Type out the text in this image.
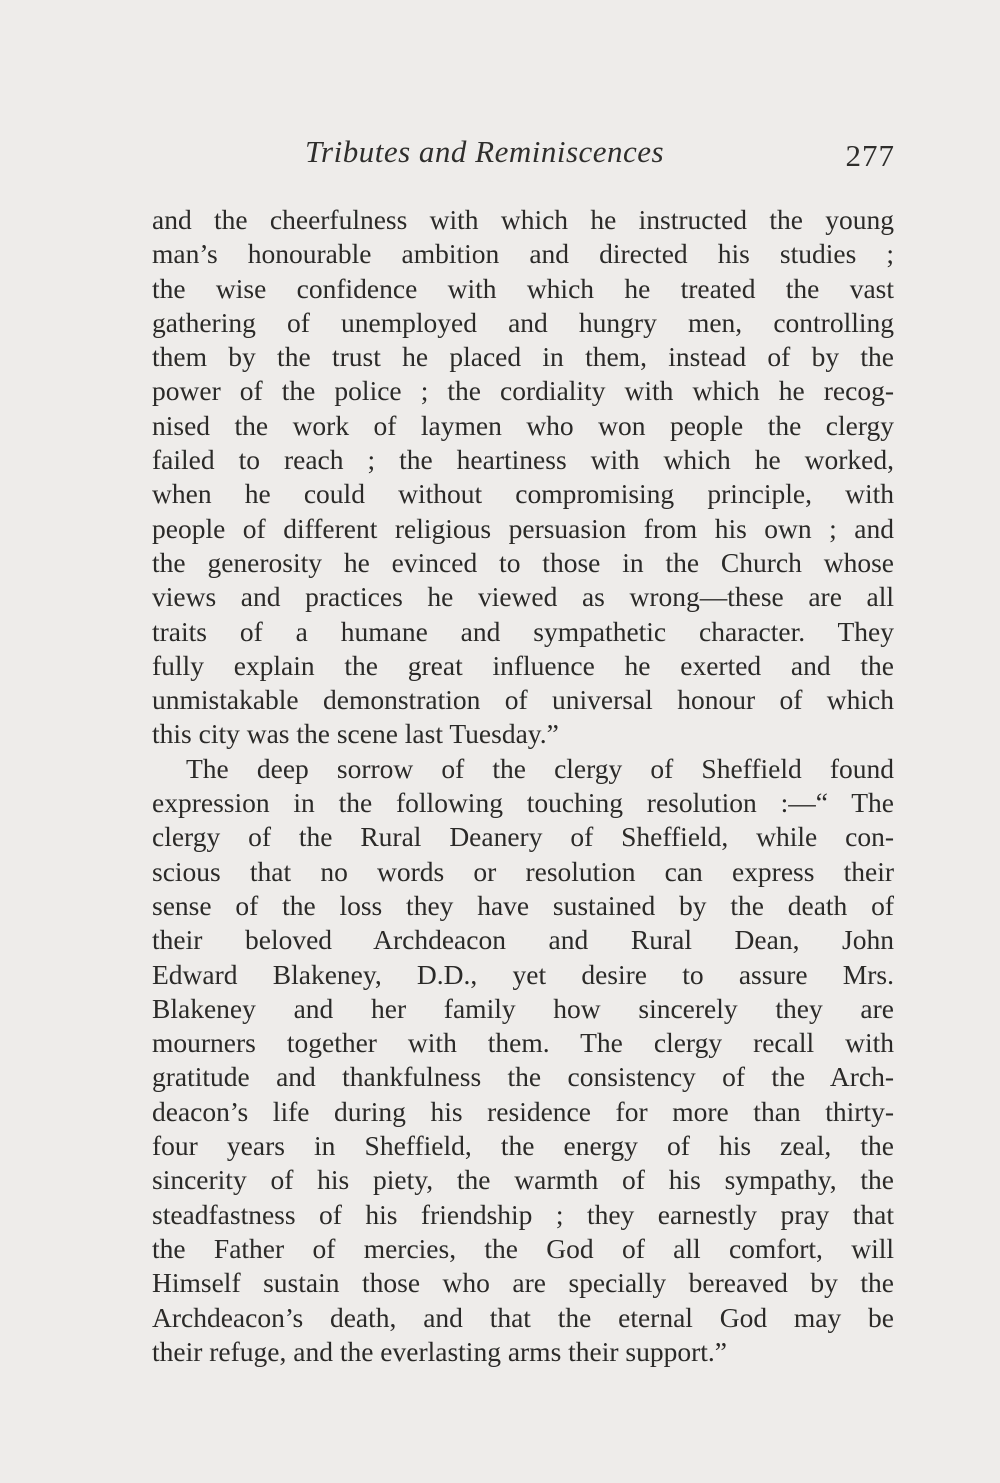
Tributes and Reminiscences	277
and the cheerfulness with which he instructed the young
man’s honourable ambition and directed his studies ;
the wise confidence with which he treated the vast
gathering of unemployed and hungry men, controlling
them by the trust he placed in them, instead of by the
power of the police ; the cordiality with which he recog-
nised the work of laymen who won people the clergy
failed to reach ; the heartiness with which he worked,
when he could without compromising principle, with
people of different religious persuasion from his own ; and
the generosity he evinced to those in the Church whose
views and practices he viewed as wrong—these are all
traits of a humane and sympathetic character. They
fully explain the great influence he exerted and the
unmistakable demonstration of universal honour of which
this city was the scene last Tuesday.”
The deep sorrow of the clergy of Sheffield found
expression in the following touching resolution :—“ The
clergy of the Rural Deanery of Sheffield, while con-
scious that no words or resolution can express their
sense of the loss they have sustained by the death of
their beloved Archdeacon and Rural Dean, John
Edward Blakeney, D.D., yet desire to assure Mrs.
Blakeney and her family how sincerely they are
mourners together with them. The clergy recall with
gratitude and thankfulness the consistency of the Arch-
deacon’s life during his residence for more than thirty-
four years in Sheffield, the energy of his zeal, the
sincerity of his piety, the warmth of his sympathy, the
steadfastness of his friendship ; they earnestly pray that
the Father of mercies, the God of all comfort, will
Himself sustain those who are specially bereaved by the
Archdeacon’s death, and that the eternal God may be
their refuge, and the everlasting arms their support.”
